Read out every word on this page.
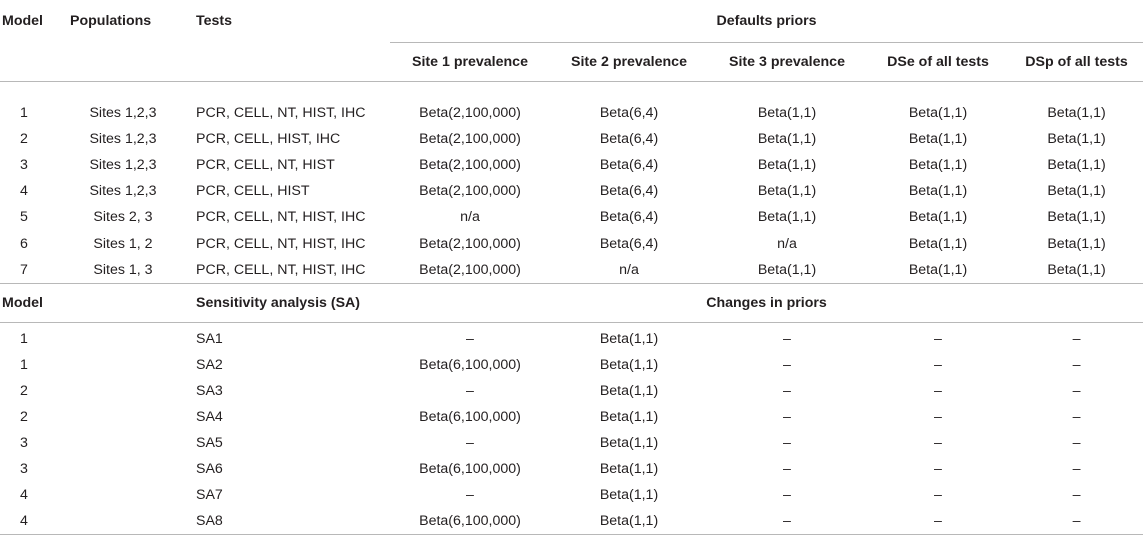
Model	Populations	Tests	Defaults priors				
			Site 1 prevalence	Site 2 prevalence	Site 3 prevalence	DSe of all tests	DSp of all tests

1	Sites 1,2,3	PCR, CELL, NT, HIST, IHC	Beta(2,100,000)	Beta(6,4)	Beta(1,1)	Beta(1,1)	Beta(1,1)
2	Sites 1,2,3	PCR, CELL, HIST, IHC	Beta(2,100,000)	Beta(6,4)	Beta(1,1)	Beta(1,1)	Beta(1,1)
3	Sites 1,2,3	PCR, CELL, NT, HIST	Beta(2,100,000)	Beta(6,4)	Beta(1,1)	Beta(1,1)	Beta(1,1)
4	Sites 1,2,3	PCR, CELL, HIST	Beta(2,100,000)	Beta(6,4)	Beta(1,1)	Beta(1,1)	Beta(1,1)
5	Sites 2, 3	PCR, CELL, NT, HIST, IHC	n/a	Beta(6,4)	Beta(1,1)	Beta(1,1)	Beta(1,1)
6	Sites 1, 2	PCR, CELL, NT, HIST, IHC	Beta(2,100,000)	Beta(6,4)	n/a	Beta(1,1)	Beta(1,1)
7	Sites 1, 3	PCR, CELL, NT, HIST, IHC	Beta(2,100,000)	n/a	Beta(1,1)	Beta(1,1)	Beta(1,1)
Model		Sensitivity analysis (SA)	Changes in priors				

1		SA1	–	Beta(1,1)	–	–	–
1		SA2	Beta(6,100,000)	Beta(1,1)	–	–	–
2		SA3	–	Beta(1,1)	–	–	–
2		SA4	Beta(6,100,000)	Beta(1,1)	–	–	–
3		SA5	–	Beta(1,1)	–	–	–
3		SA6	Beta(6,100,000)	Beta(1,1)	–	–	–
4		SA7	–	Beta(1,1)	–	–	–
4		SA8	Beta(6,100,000)	Beta(1,1)	–	–	–
